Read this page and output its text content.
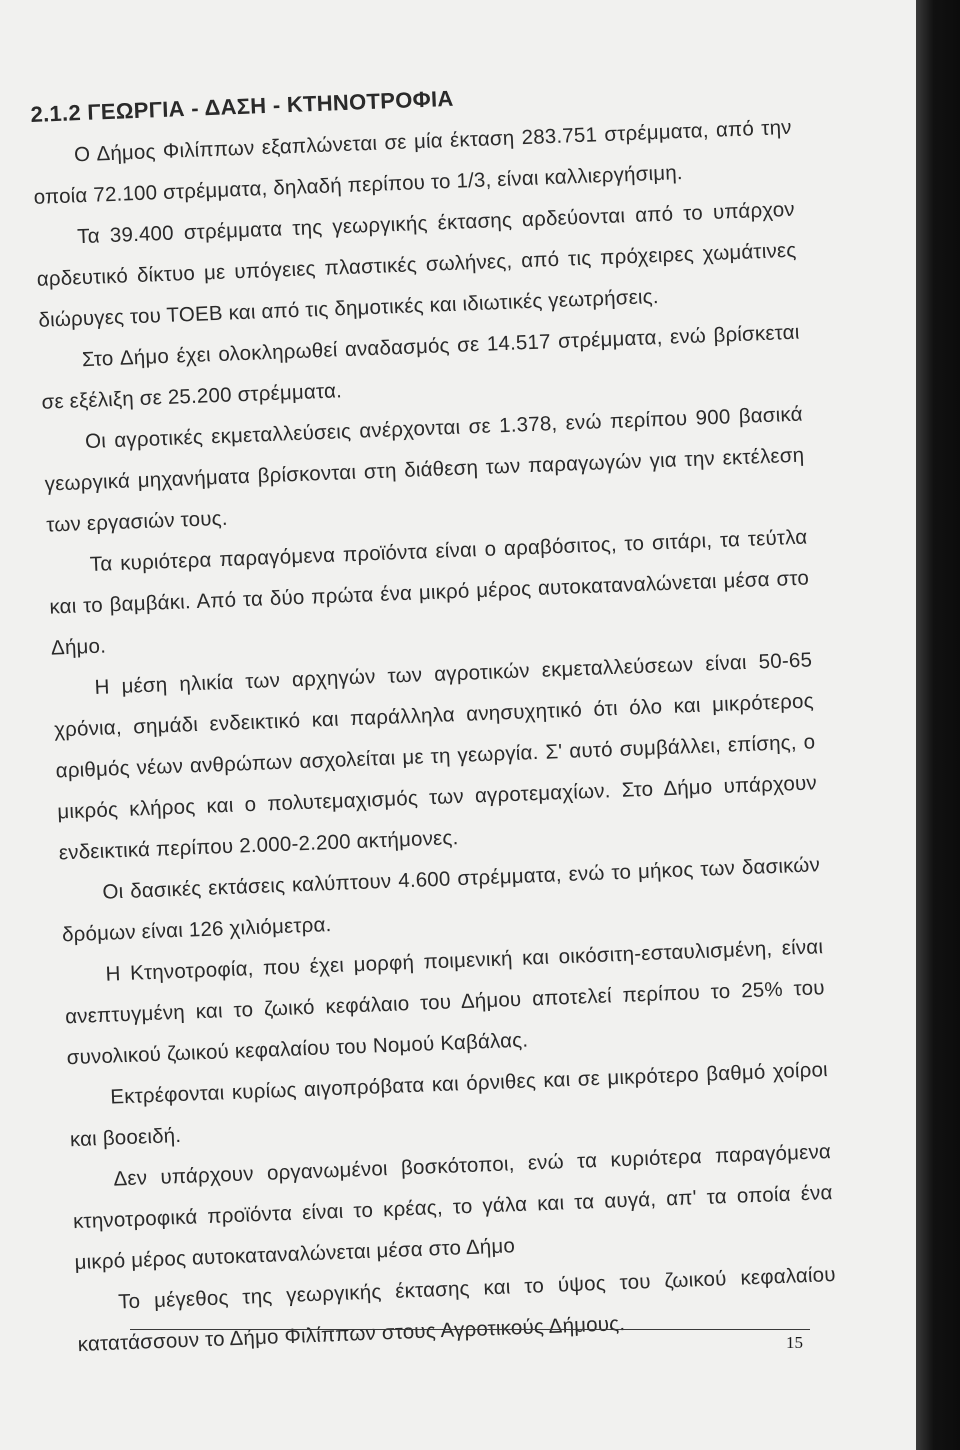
2.1.2 ΓΕΩΡΓΙΑ - ΔΑΣΗ - ΚΤΗΝΟΤΡΟΦΙΑ

Ο Δήμος Φιλίππων εξαπλώνεται σε μία έκταση 283.751 στρέμματα, από την οποία 72.100 στρέμματα, δηλαδή περίπου το 1/3, είναι καλλιεργήσιμη.

Τα 39.400 στρέμματα της γεωργικής έκτασης αρδεύονται από το υπάρχον αρδευτικό δίκτυο με υπόγειες πλαστικές σωλήνες, από τις πρόχειρες χωμάτινες διώρυγες του ΤΟΕΒ και από τις δημοτικές και ιδιωτικές γεωτρήσεις.

Στο Δήμο έχει ολοκληρωθεί αναδασμός σε 14.517 στρέμματα, ενώ βρίσκεται σε εξέλιξη σε 25.200 στρέμματα.

Οι αγροτικές εκμεταλλεύσεις ανέρχονται σε 1.378, ενώ περίπου 900 βασικά γεωργικά μηχανήματα βρίσκονται στη διάθεση των παραγωγών για την εκτέλεση των εργασιών τους.

Τα κυριότερα παραγόμενα προϊόντα είναι ο αραβόσιτος, το σιτάρι, τα τεύτλα και το βαμβάκι. Από τα δύο πρώτα ένα μικρό μέρος αυτοκαταναλώνεται μέσα στο Δήμο.

Η μέση ηλικία των αρχηγών των αγροτικών εκμεταλλεύσεων είναι 50-65 χρόνια, σημάδι ενδεικτικό και παράλληλα ανησυχητικό ότι όλο και μικρότερος αριθμός νέων ανθρώπων ασχολείται με τη γεωργία. Σ' αυτό συμβάλλει, επίσης, ο μικρός κλήρος και ο πολυτεμαχισμός των αγροτεμαχίων. Στο Δήμο υπάρχουν ενδεικτικά περίπου 2.000-2.200 ακτήμονες.

Οι δασικές εκτάσεις καλύπτουν 4.600 στρέμματα, ενώ το μήκος των δασικών δρόμων είναι 126 χιλιόμετρα.

Η Κτηνοτροφία, που έχει μορφή ποιμενική και οικόσιτη-εσταυλισμένη, είναι ανεπτυγμένη και το ζωικό κεφάλαιο του Δήμου αποτελεί περίπου το 25% του συνολικού ζωικού κεφαλαίου του Νομού Καβάλας.

Εκτρέφονται κυρίως αιγοπρόβατα και όρνιθες και σε μικρότερο βαθμό χοίροι και βοοειδή.

Δεν υπάρχουν οργανωμένοι βοσκότοποι, ενώ τα κυριότερα παραγόμενα κτηνοτροφικά προϊόντα είναι το κρέας, το γάλα και τα αυγά, απ' τα οποία ένα μικρό μέρος αυτοκαταναλώνεται μέσα στο Δήμο

Το μέγεθος της γεωργικής έκτασης και το ύψος του ζωικού κεφαλαίου κατατάσσουν το Δήμο Φιλίππων στους Αγροτικούς Δήμους.	15
